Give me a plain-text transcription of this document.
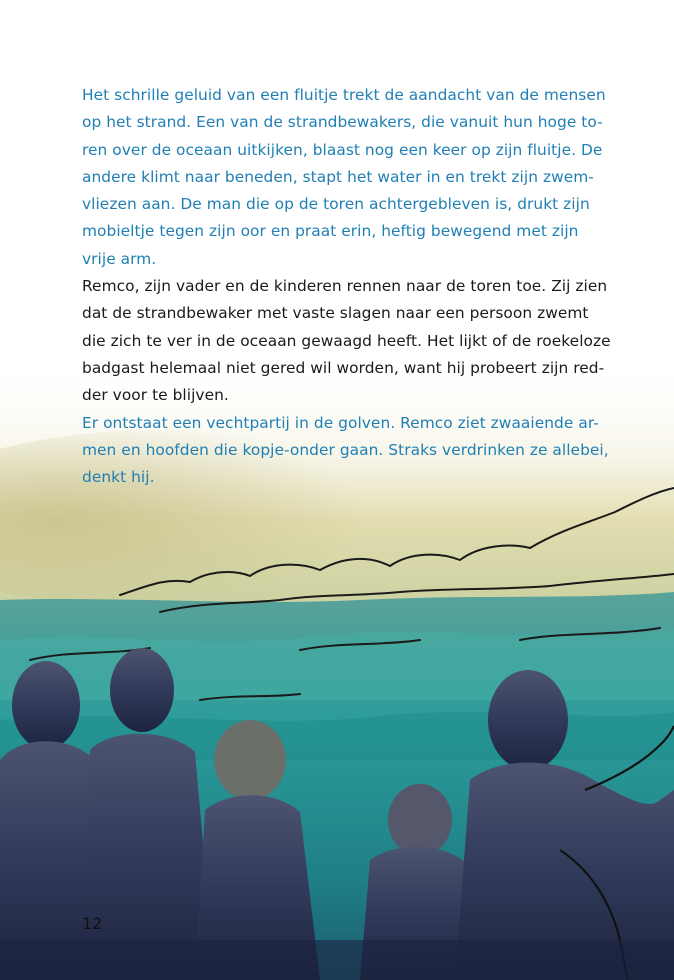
Het schrille geluid van een fluitje trekt de aandacht van de mensen
op het strand. Een van de strandbewakers, die vanuit hun hoge to-
ren over de oceaan uitkijken, blaast nog een keer op zijn fluitje. De
andere klimt naar beneden, stapt het water in en trekt zijn zwem-
vliezen aan. De man die op de toren achtergebleven is, drukt zijn
mobieltje tegen zijn oor en praat erin, heftig bewegend met zijn
vrije arm.

Remco, zijn vader en de kinderen rennen naar de toren toe. Zij zien
dat de strandbewaker met vaste slagen naar een persoon zwemt
die zich te ver in de oceaan gewaagd heeft. Het lijkt of de roekeloze
badgast helemaal niet gered wil worden, want hij probeert zijn red-
der voor te blijven.

Er ontstaat een vechtpartij in de golven. Remco ziet zwaaiende ar-
men en hoofden die kopje-onder gaan. Straks verdrinken ze allebei,
denkt hij.

12
